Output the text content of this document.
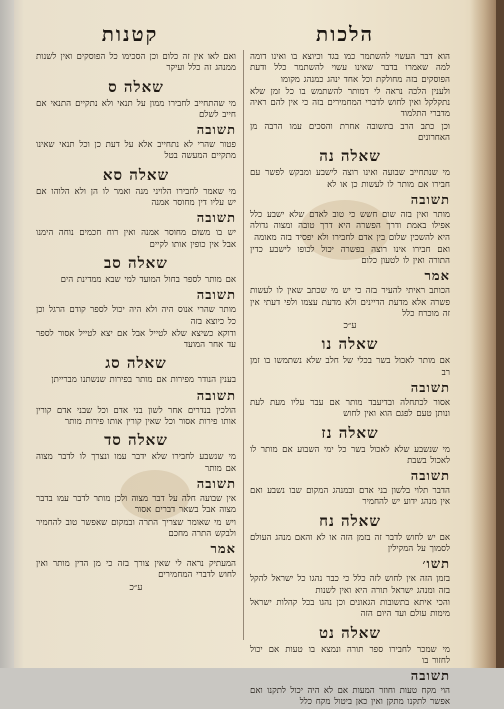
הלכות
קטנות

הוא דבר העשוי להשתמר כמו בגד וכיוצא בו ואינו דומה למה שאמרו בדבר שאינו עשוי להשתמר כלל ודעת הפוסקים בזה מחולקת וכל אחד ינהג כמנהג מקומו

ולענין הלכה נראה לי דמותר להשתמש בו כל זמן שלא נתקלקל ואין לחוש לדברי המחמירים בזה כי אין להם ראיה מדברי התלמוד

וכן כתב הרב בתשובה אחרת והסכים עמו הרבה מן האחרונים

שאלה נה

מי שנתחייב שבועה ואינו רוצה לישבע ומבקש לפשר עם חבירו אם מותר לו לעשות כן או לא

תשובה

מותר ואין בזה שום חשש כי טוב לאדם שלא ישבע כלל אפילו באמת ודרך הפשרה היא דרך טובה ומצוה גדולה היא להשכין שלום בין אדם לחבירו ולא יפסיד בזה מאומה

ואם חבירו אינו רוצה בפשרה יכול לכופו לישבע כדין התורה ואין לו לטעון כלום

אמר

הכותב ראיתי להעיר בזה כי יש מי שכתב שאין לו לעשות פשרה אלא מדעת הדיינים ולא מדעת עצמו ולפי דעתי אין זה מוכרח כלל

ע״כ

שאלה נו

אם מותר לאכול בשר בכלי של חלב שלא נשתמשו בו זמן רב

תשובה

אסור לכתחלה ובדיעבד מותר אם עבר עליו מעת לעת ונותן טעם לפגם הוא ואין לחוש

שאלה נז

מי שנשבע שלא לאכול בשר כל ימי השבוע אם מותר לו לאכול בשבת

תשובה

הדבר תלוי בלשון בני אדם ובמנהג המקום שבו נשבע ואם אין מנהג ידוע יש להחמיר

שאלה נח

אם יש לחוש לדבר זה בזמן הזה או לא והאם מנהג העולם לסמוך על המקילין

תשו׳

בזמן הזה אין לחוש לזה כלל כי כבר נהגו כל ישראל להקל בזה ומנהג ישראל תורה היא ואין לשנות

והכי איתא בתשובות הגאונים וכן נהגו בכל קהלות ישראל מימות עולם ועד היום הזה

שאלה נט

מי שמכר לחבירו ספר תורה ונמצא בו טעות אם יכול לחזור בו

תשובה

הוי מקח טעות וחוזר המעות אם לא היה יכול לתקנו ואם אפשר לתקנו מתקן ואין כאן ביטול מקח כלל

ואם לאו אין זה כלום וכן הסכימו כל הפוסקים ואין לשנות ממנהג זה כלל ועיקר

שאלה ס

מי שהתחייב לחבירו ממון על תנאי ולא נתקיים התנאי אם חייב לשלם

תשובה

פטור שהרי לא נתחייב אלא על דעת כן וכל תנאי שאינו מתקיים המעשה בטל

שאלה סא

מי שאמר לחבירו הלויני מנה ואמר לו הן ולא הלוהו אם יש עליו דין מחוסר אמנה

תשובה

יש בו משום מחוסר אמנה ואין רוח חכמים נוחה הימנו אבל אין כופין אותו לקיים

שאלה סב

אם מותר לספר בחול המועד למי שבא ממדינת הים

תשובה

מותר שהרי אנוס היה ולא היה יכול לספר קודם הרגל וכן כל כיוצא בזה

ודוקא כשיצא שלא לטייל אבל אם יצא לטייל אסור לספר עד אחר המועד

שאלה סג

בענין הנודר מפירות אם מותר בפירות שנשתנו מברייתן

תשובה

הולכין בנדרים אחר לשון בני אדם וכל שבני אדם קורין אותו פירות אסור וכל שאין קורין אותו פירות מותר

שאלה סד

מי שנשבע לחבירו שלא ידבר עמו ונצרך לו לדבר מצוה אם מותר

תשובה

אין שבועה חלה על דבר מצוה ולכן מותר לדבר עמו בדבר מצוה אבל בשאר דברים אסור

ויש מי שאומר שצריך התרה ובמקום שאפשר טוב להחמיר ולבקש התרה מחכם

אמר

המעתיק נראה לי שאין צורך בזה כי מן הדין מותר ואין לחוש לדברי המחמירים

ע״כ
